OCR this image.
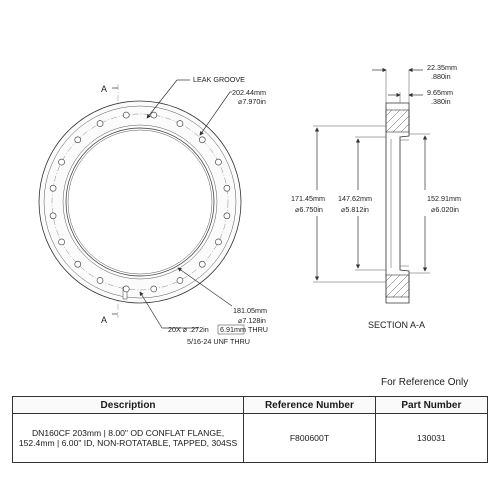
A
A
LEAK GROOVE
202.44mm
⌀7.970in
181.05mm
⌀7.128in
20X ⌀ .272in 6.91mm THRU
5/16-24 UNF THRU
22.35mm
.880in
9.65mm
.380in
171.45mm
⌀6.750in
147.62mm
⌀5.812in
152.91mm
⌀6.020in
SECTION A-A
For Reference Only
Description	Reference Number	Part Number
DN160CF 203mm | 8.00" OD CONFLAT FLANGE, 152.4mm | 6.00" ID, NON-ROTATABLE, TAPPED, 304SS	F800600T	130031
